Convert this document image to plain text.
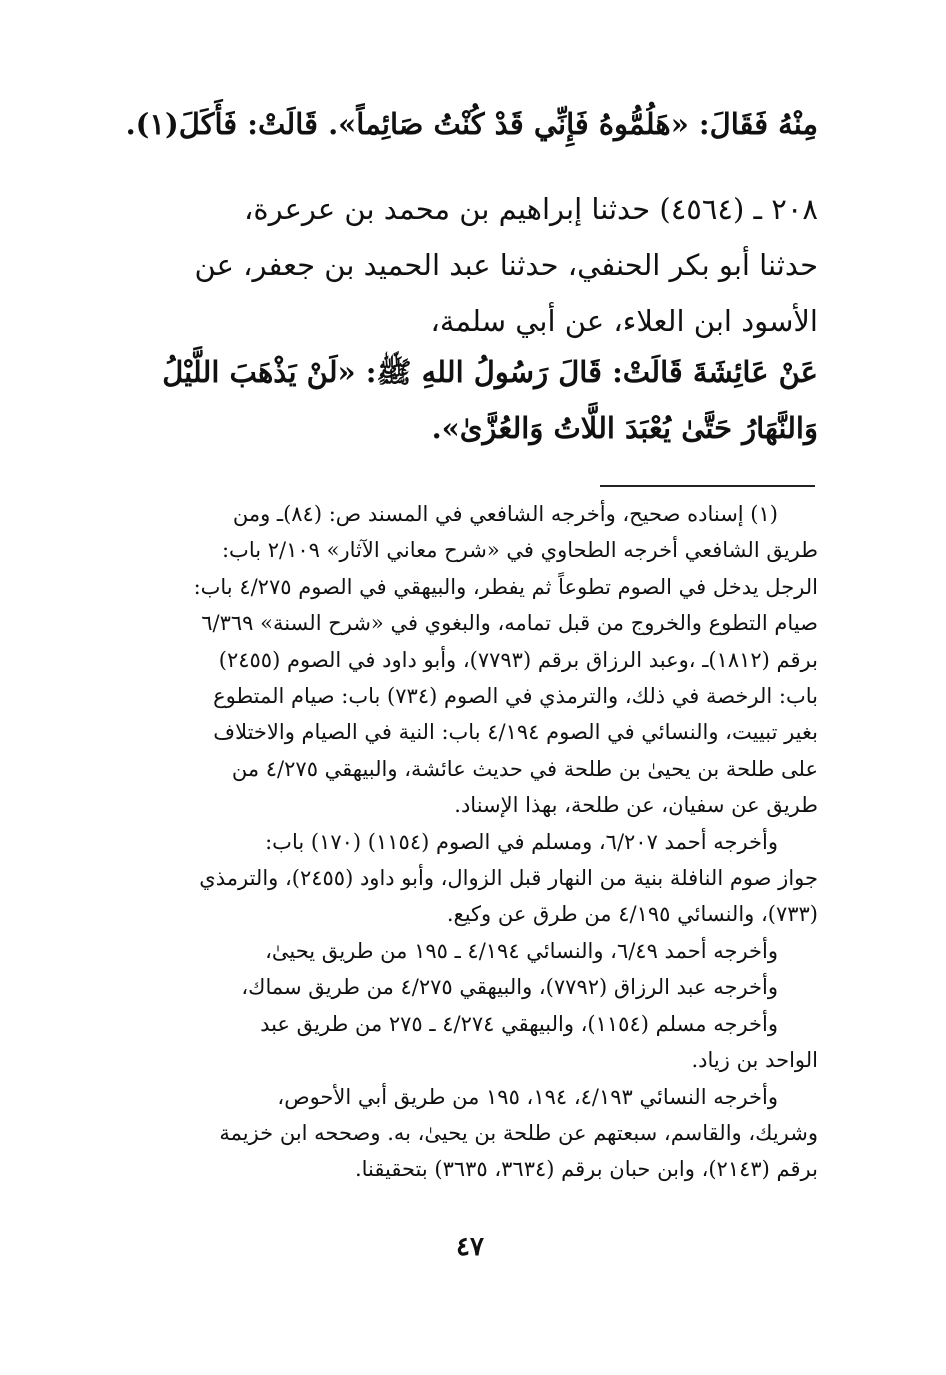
مِنْهُ فَقَالَ: «هَلُمُّوهُ فَإِنِّي قَدْ كُنْتُ صَائِماً». قَالَتْ: فَأَكَلَ(١).
٢٠٨ ـ (٤٥٦٤) حدثنا إبراهيم بن محمد بن عرعرة،
حدثنا أبو بكر الحنفي، حدثنا عبد الحميد بن جعفر، عن
الأسود ابن العلاء، عن أبي سلمة،
عَنْ عَائِشَةَ قَالَتْ: قَالَ رَسُولُ اللهِ ﷺ: «لَنْ يَذْهَبَ اللَّيْلُ
وَالنَّهَارُ حَتَّىٰ يُعْبَدَ اللَّاتُ وَالعُزَّىٰ».
(١) إسناده صحيح، وأخرجه الشافعي في المسند ص: (٨٤)ـ ومن
طريق الشافعي أخرجه الطحاوي في «شرح معاني الآثار» ٢/١٠٩ باب:
الرجل يدخل في الصوم تطوعاً ثم يفطر، والبيهقي في الصوم ٤/٢٧٥ باب:
صيام التطوع والخروج من قبل تمامه، والبغوي في «شرح السنة» ٦/٣٦٩
برقم (١٨١٢)ـ ،وعبد الرزاق برقم (٧٧٩٣)، وأبو داود في الصوم (٢٤٥٥)
باب: الرخصة في ذلك، والترمذي في الصوم (٧٣٤) باب: صيام المتطوع
بغير تبييت، والنسائي في الصوم ٤/١٩٤ باب: النية في الصيام والاختلاف
على طلحة بن يحيىٰ بن طلحة في حديث عائشة، والبيهقي ٤/٢٧٥ من
طريق عن سفيان، عن طلحة، بهذا الإسناد.
وأخرجه أحمد ٦/٢٠٧، ومسلم في الصوم (١١٥٤) (١٧٠) باب:
جواز صوم النافلة بنية من النهار قبل الزوال، وأبو داود (٢٤٥٥)، والترمذي
(٧٣٣)، والنسائي ٤/١٩٥ من طرق عن وكيع.
وأخرجه أحمد ٦/٤٩، والنسائي ٤/١٩٤ ـ ١٩٥ من طريق يحيىٰ،
وأخرجه عبد الرزاق (٧٧٩٢)، والبيهقي ٤/٢٧٥ من طريق سماك،
وأخرجه مسلم (١١٥٤)، والبيهقي ٤/٢٧٤ ـ ٢٧٥ من طريق عبد
الواحد بن زياد.
وأخرجه النسائي ٤/١٩٣، ١٩٤، ١٩٥ من طريق أبي الأحوص،
وشريك، والقاسم، سبعتهم عن طلحة بن يحيىٰ، به. وصححه ابن خزيمة
برقم (٢١٤٣)، وابن حبان برقم (٣٦٣٤، ٣٦٣٥) بتحقيقنا.
٤٧
